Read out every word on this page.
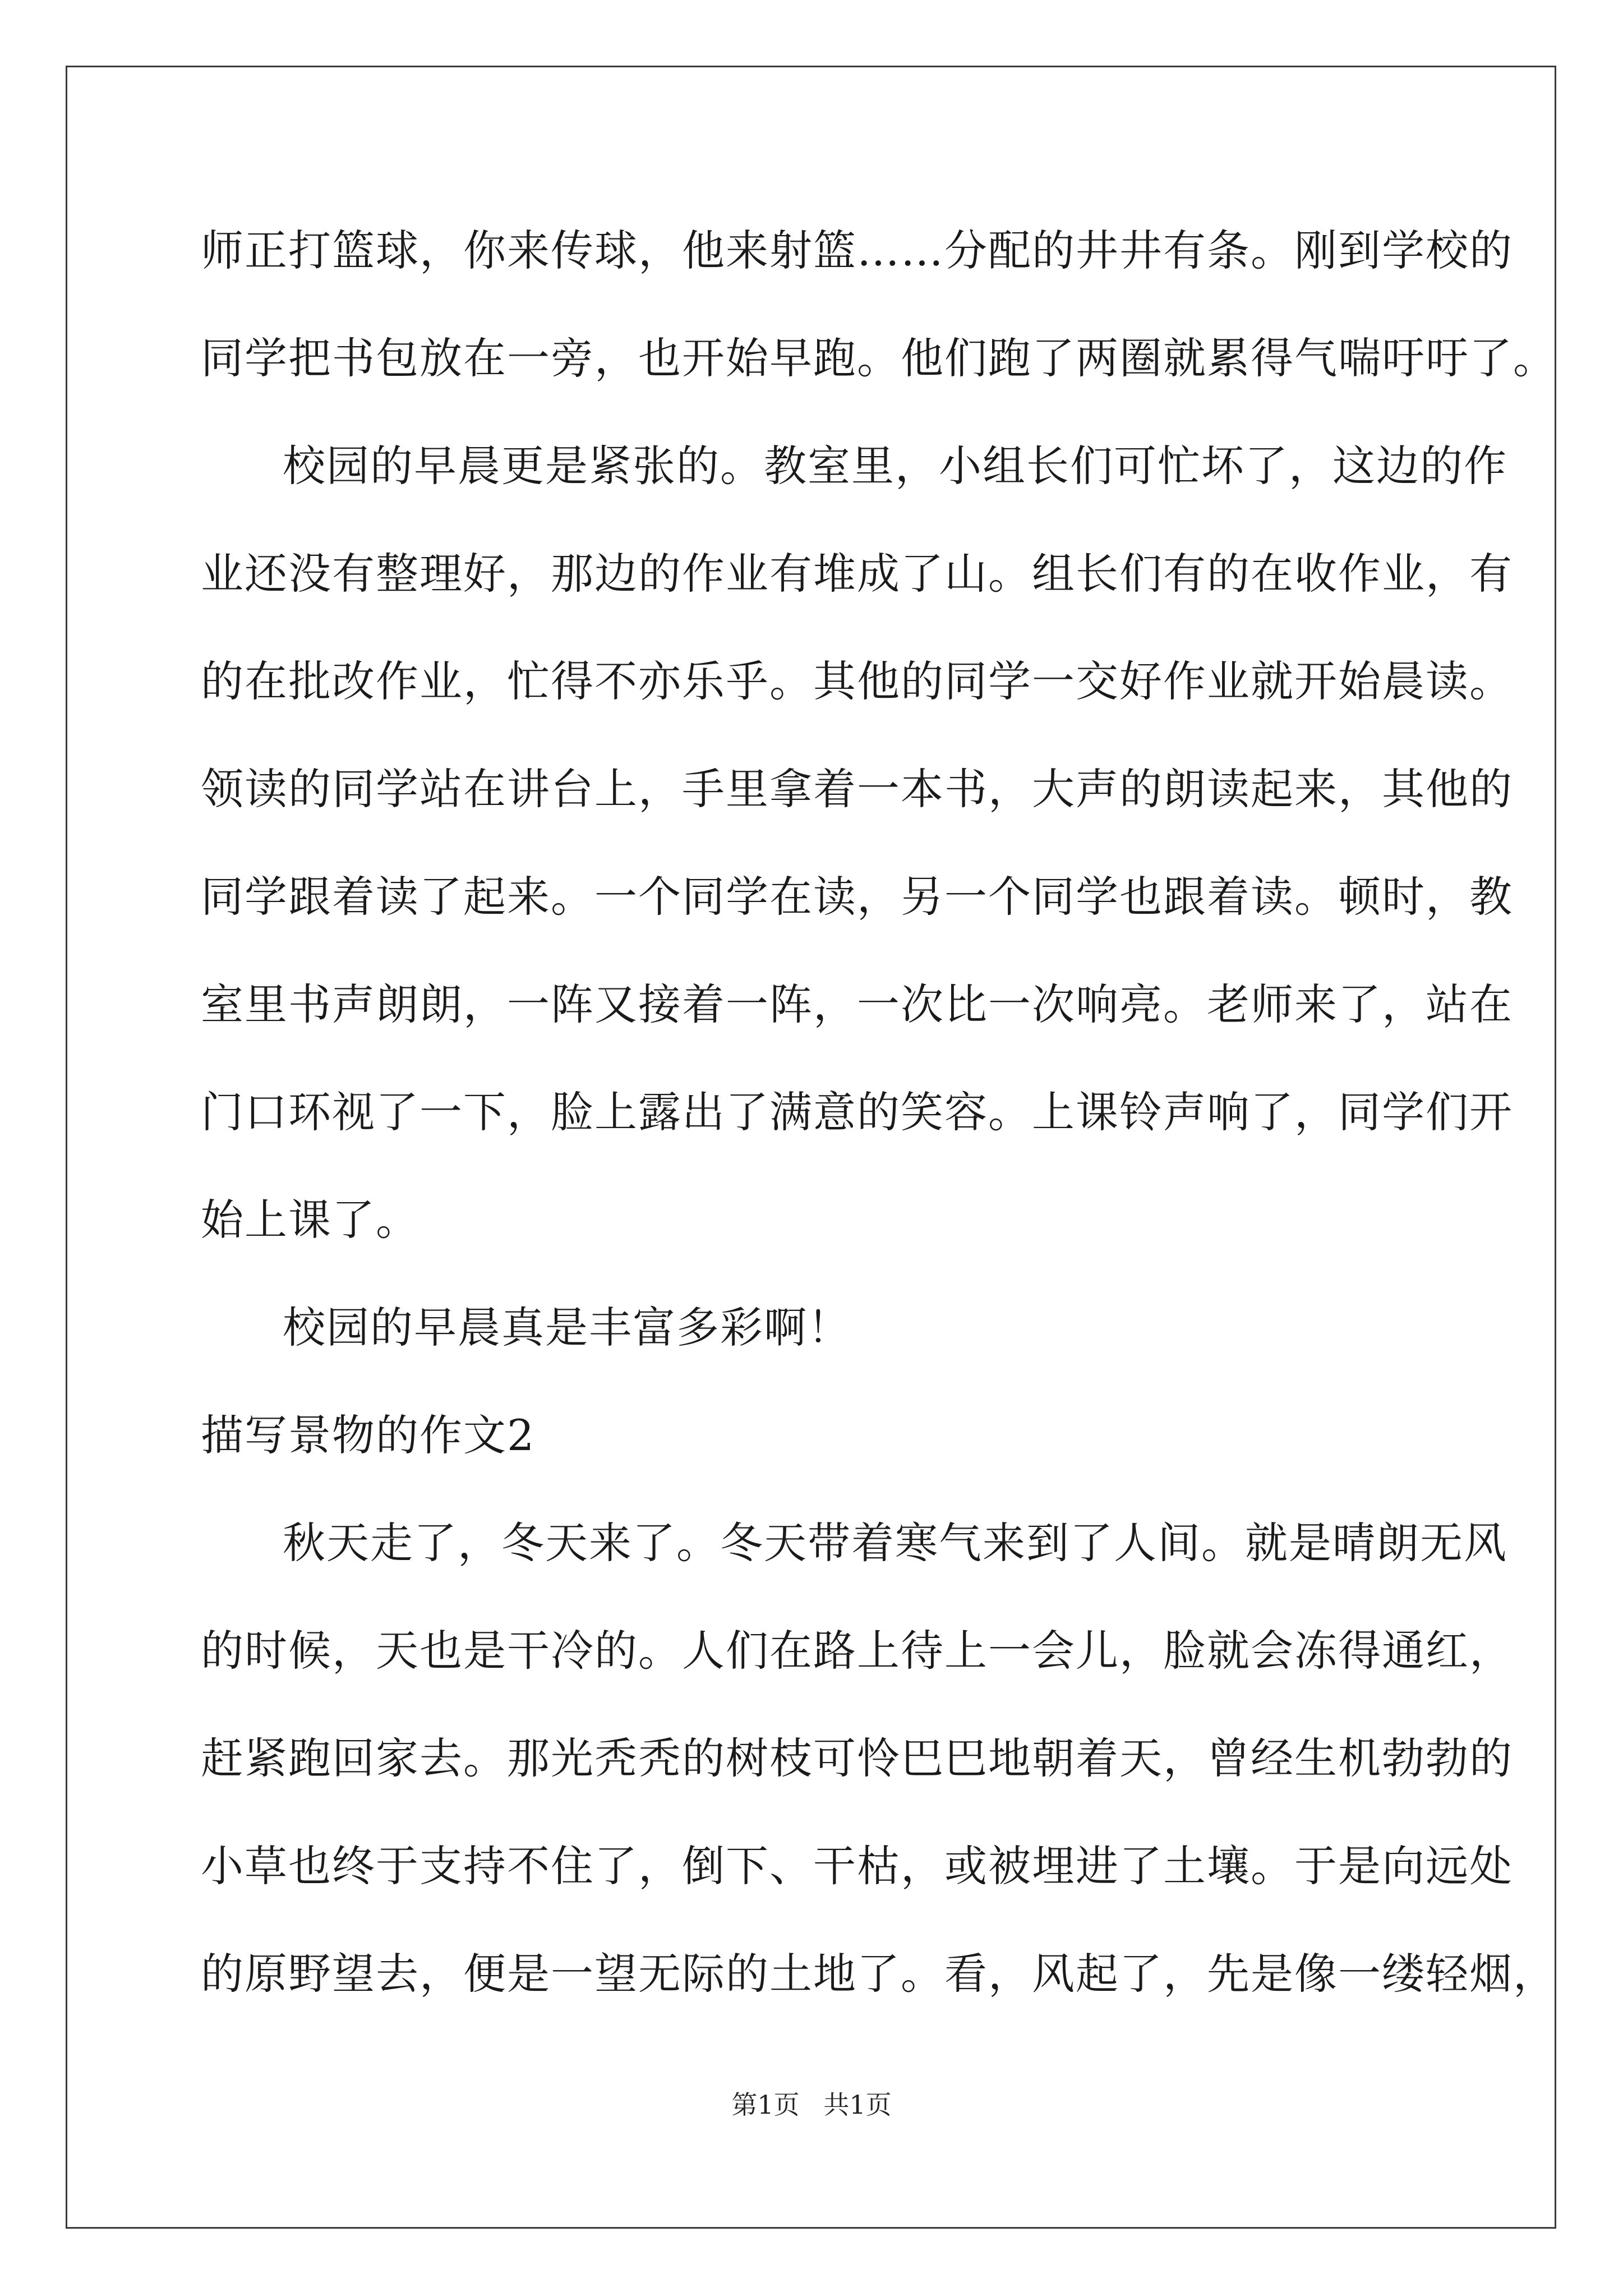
师正打篮球，你来传球，他来射篮……分配的井井有条。刚到学校的
同学把书包放在一旁，也开始早跑。他们跑了两圈就累得气喘吁吁了。
校园的早晨更是紧张的。教室里，小组长们可忙坏了，这边的作
业还没有整理好，那边的作业有堆成了山。组长们有的在收作业，有
的在批改作业，忙得不亦乐乎。其他的同学一交好作业就开始晨读。
领读的同学站在讲台上，手里拿着一本书，大声的朗读起来，其他的
同学跟着读了起来。一个同学在读，另一个同学也跟着读。顿时，教
室里书声朗朗，一阵又接着一阵，一次比一次响亮。老师来了，站在
门口环视了一下，脸上露出了满意的笑容。上课铃声响了，同学们开
始上课了。
校园的早晨真是丰富多彩啊！
描写景物的作文2
秋天走了，冬天来了。冬天带着寒气来到了人间。就是晴朗无风
的时候，天也是干冷的。人们在路上待上一会儿，脸就会冻得通红，
赶紧跑回家去。那光秃秃的树枝可怜巴巴地朝着天，曾经生机勃勃的
小草也终于支持不住了，倒下、干枯，或被埋进了土壤。于是向远处
的原野望去，便是一望无际的土地了。看，风起了，先是像一缕轻烟，
第1页 共1页
